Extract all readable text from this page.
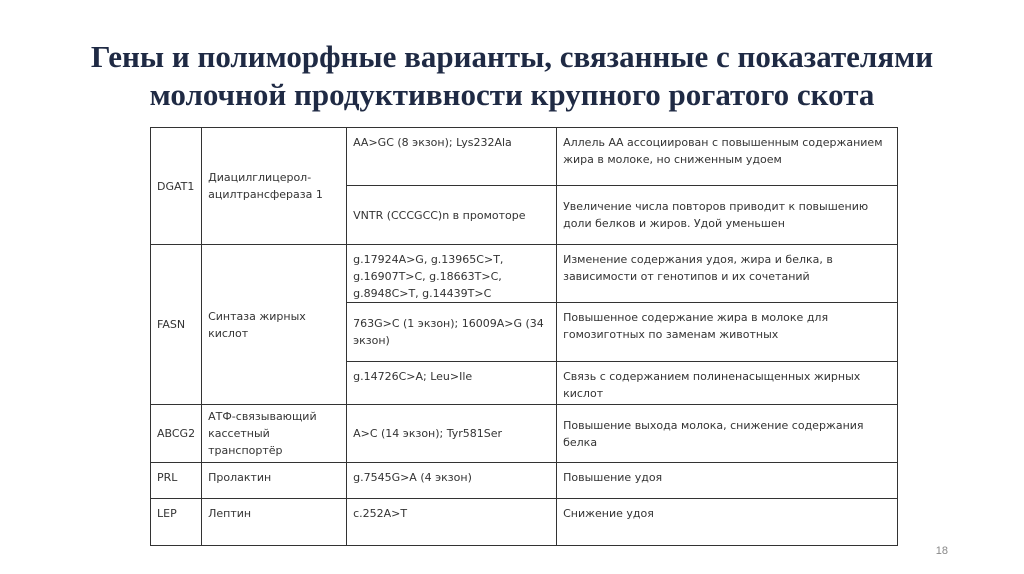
Гены и полиморфные варианты, связанные с показателями
молочной продуктивности крупного рогатого скота
DGAT1	Диацилглицерол-ацилтрансфераза 1	AA>GC (8 экзон); Lys232Ala	Аллель АА ассоциирован с повышенным содержанием жира в молоке, но сниженным удоем
		VNTR (CCCGCC)n в промоторе	Увеличение числа повторов приводит к повышению доли белков и жиров. Удой уменьшен
FASN	Синтаза жирных кислот	g.17924A>G, g.13965C>T, g.16907T>C, g.18663T>C, g.8948C>T, g.14439T>C	Изменение содержания удоя, жира и белка, в зависимости от генотипов и их сочетаний
		763G>C (1 экзон); 16009A>G (34 экзон)	Повышенное содержание жира в молоке для гомозиготных по заменам животных
		g.14726C>A; Leu>Ile	Связь с содержанием полиненасыщенных жирных кислот
ABCG2	АТФ-связывающий кассетный транспортёр	A>C (14 экзон); Tyr581Ser	Повышение выхода молока, снижение содержания белка
PRL	Пролактин	g.7545G>A (4 экзон)	Повышение удоя
LEP	Лептин	c.252A>T	Снижение удоя
18
